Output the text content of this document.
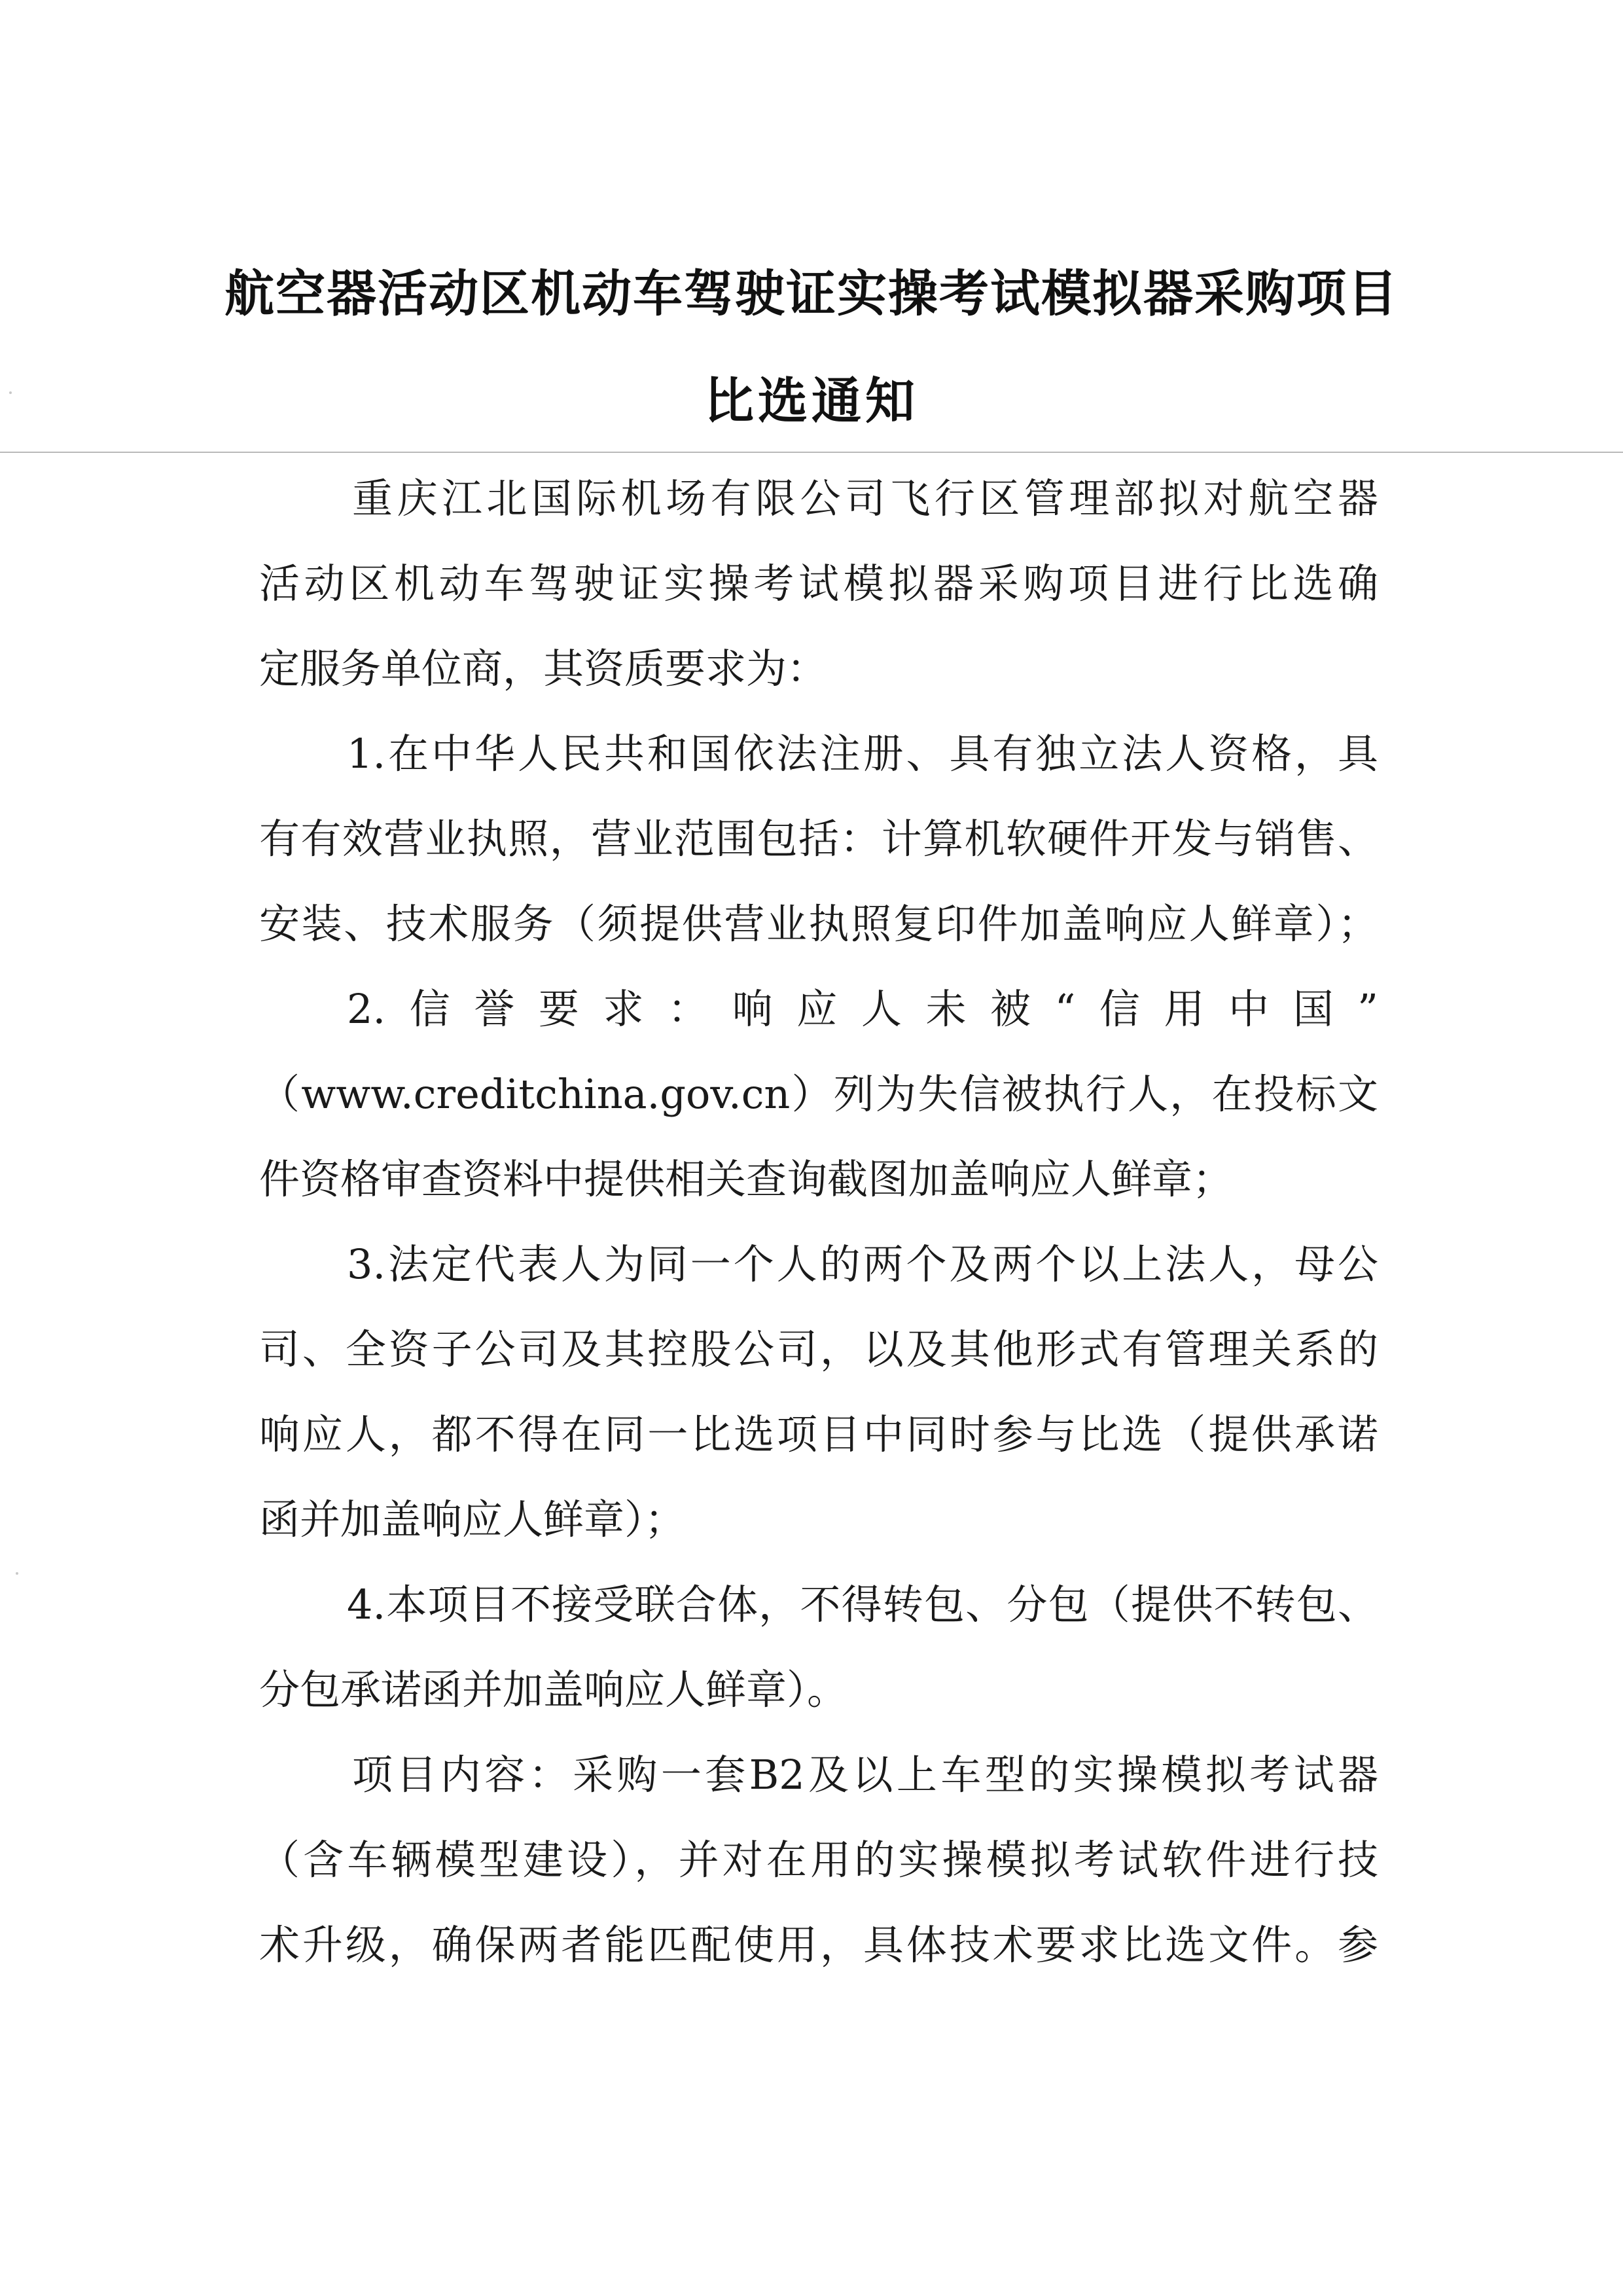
航空器活动区机动车驾驶证实操考试模拟器采购项目
比选通知
重庆江北国际机场有限公司飞行区管理部拟对航空器
活动区机动车驾驶证实操考试模拟器采购项目进行比选确
定服务单位商，其资质要求为：
1.在中华人民共和国依法注册、具有独立法人资格，具
有有效营业执照，营业范围包括：计算机软硬件开发与销售、
安装、技术服务（须提供营业执照复印件加盖响应人鲜章）；
2.信誉要求：响应人未被“信用中国”
（www.creditchina.gov.cn）列为失信被执行人，在投标文
件资格审查资料中提供相关查询截图加盖响应人鲜章；
3.法定代表人为同一个人的两个及两个以上法人，母公
司、全资子公司及其控股公司，以及其他形式有管理关系的
响应人，都不得在同一比选项目中同时参与比选（提供承诺
函并加盖响应人鲜章）；
4.本项目不接受联合体，不得转包、分包（提供不转包、
分包承诺函并加盖响应人鲜章）。
项目内容：采购一套B2及以上车型的实操模拟考试器
（含车辆模型建设），并对在用的实操模拟考试软件进行技
术升级，确保两者能匹配使用，具体技术要求比选文件。参
